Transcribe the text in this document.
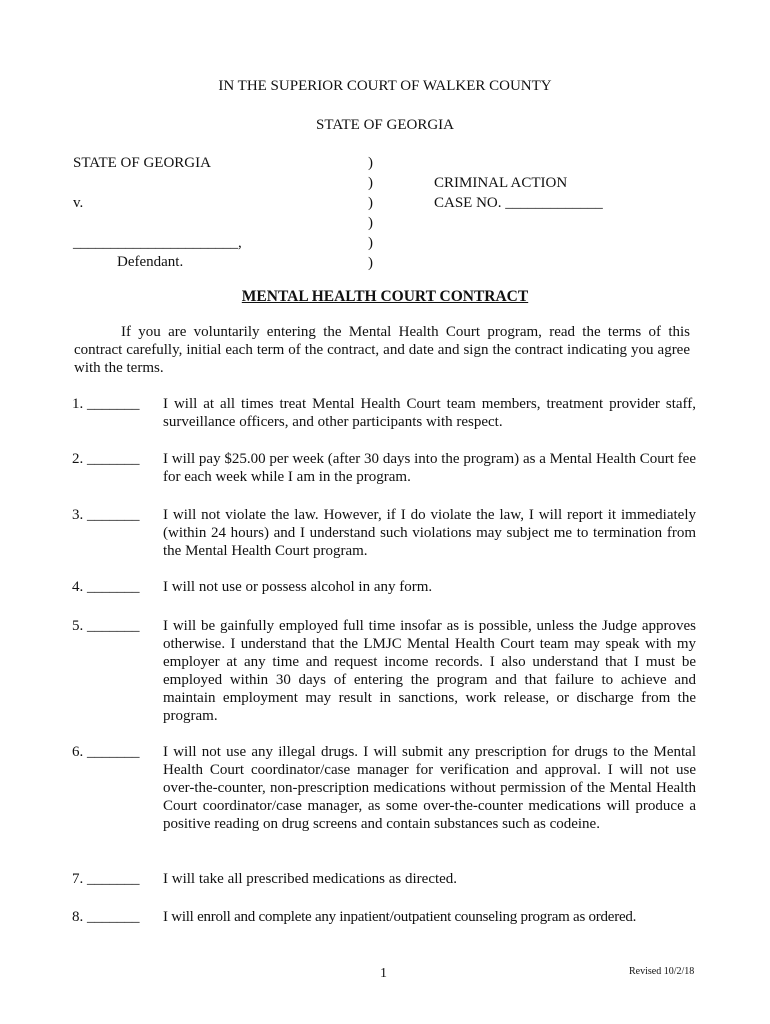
IN THE SUPERIOR COURT OF WALKER COUNTY
STATE OF GEORGIA
STATE OF GEORGIA
v.
______________________,
Defendant.
)
)
)
)
)
)
CRIMINAL ACTION
CASE NO. _____________
MENTAL HEALTH COURT CONTRACT
If you are voluntarily entering the Mental Health Court program, read the terms of this contract carefully, initial each term of the contract, and date and sign the contract indicating you agree with the terms.
1. _______ I will at all times treat Mental Health Court team members, treatment provider staff, surveillance officers, and other participants with respect.
2. _______ I will pay $25.00 per week (after 30 days into the program) as a Mental Health Court fee for each week while I am in the program.
3. _______ I will not violate the law. However, if I do violate the law, I will report it immediately (within 24 hours) and I understand such violations may subject me to termination from the Mental Health Court program.
4. _______ I will not use or possess alcohol in any form.
5. _______ I will be gainfully employed full time insofar as is possible, unless the Judge approves otherwise. I understand that the LMJC Mental Health Court team may speak with my employer at any time and request income records. I also understand that I must be employed within 30 days of entering the program and that failure to achieve and maintain employment may result in sanctions, work release, or discharge from the program.
6. _______ I will not use any illegal drugs. I will submit any prescription for drugs to the Mental Health Court coordinator/case manager for verification and approval. I will not use over-the-counter, non-prescription medications without permission of the Mental Health Court coordinator/case manager, as some over-the-counter medications will produce a positive reading on drug screens and contain substances such as codeine.
7. _______ I will take all prescribed medications as directed.
8. _______ I will enroll and complete any inpatient/outpatient counseling program as ordered.
1	Revised 10/2/18
